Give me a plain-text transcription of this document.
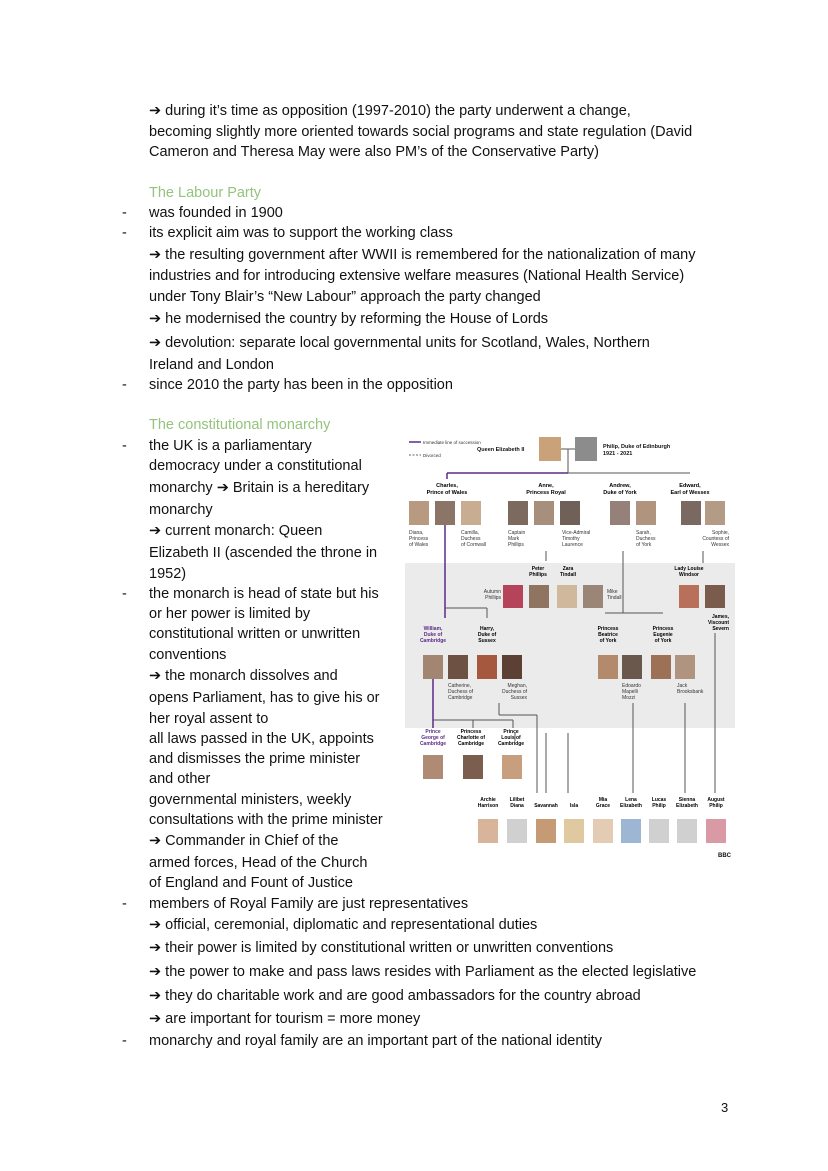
➔ during it’s time as opposition (1997-2010) the party underwent a change,
becoming slightly more oriented towards social programs and state regulation (David
Cameron and Theresa May were also PM’s of the Conservative Party)
The Labour Party
- was founded in 1900
- its explicit aim was to support the working class
➔ the resulting government after WWII is remembered for the nationalization of many
industries and for introducing extensive welfare measures (National Health Service)
under Tony Blair’s “New Labour” approach the party changed
➔ he modernised the country by reforming the House of Lords
➔ devolution: separate local governmental units for Scotland, Wales, Northern
Ireland and London
- since 2010 the party has been in the opposition
The constitutional monarchy
- the UK is a parliamentary
democracy under a constitutional
monarchy ➔ Britain is a hereditary
monarchy
➔ current monarch: Queen
Elizabeth II (ascended the throne in
1952)
- the monarch is head of state but his
or her power is limited by
constitutional written or unwritten
conventions
➔ the monarch dissolves and
opens Parliament, has to give his or
her royal assent to
all laws passed in the UK, appoints
and dismisses the prime minister
and other
governmental ministers, weekly
consultations with the prime minister
➔ Commander in Chief of the
armed forces, Head of the Church
of England and Fount of Justice
- members of Royal Family are just representatives
➔ official, ceremonial, diplomatic and representational duties
➔ their power is limited by constitutional written or unwritten conventions
➔ the power to make and pass laws resides with Parliament as the elected legislative
➔ they do charitable work and are good ambassadors for the country abroad
➔ are important for tourism = more money
- monarchy and royal family are an important part of the national identity
Immediate line of succession
Divorced
Queen Elizabeth II	Philip, Duke of Edinburgh
1921 - 2021
Charles,
Prince of Wales
Anne,
Princess Royal
Andrew,
Duke of York
Edward,
Earl of Wessex
Diana,
Princess
of Wales
Camilla,
Duchess
of Cornwall
Captain
Mark
Phillips
Vice-Admiral
Timothy
Laurence
Sarah,
Duchess
of York
Sophie,
Countess of
Wessex
Peter
Phillips
Zara
Tindall
Lady Louise
Windsor
James,
Viscount
Severn
William,
Duke of
Cambridge
Harry,
Duke of
Sussex
Princess
Beatrice
of York
Princess
Eugenie
of York
Autumn
Phillips
Mike
Tindall
Catherine,
Duchess of
Cambridge
Meghan,
Duchess of
Sussex
Edoardo
Mapelli
Mozzi
Jack
Brooksbank
Prince
George of
Cambridge
Princess
Charlotte of
Cambridge
Prince
Louis of
Cambridge
Archie
Harrison
Lilibet
Diana Savannah Isla
Mia
Grace
Lena
Elizabeth
Lucas
Philip
Sienna
Elizabeth
August
Philip
BBC
3
